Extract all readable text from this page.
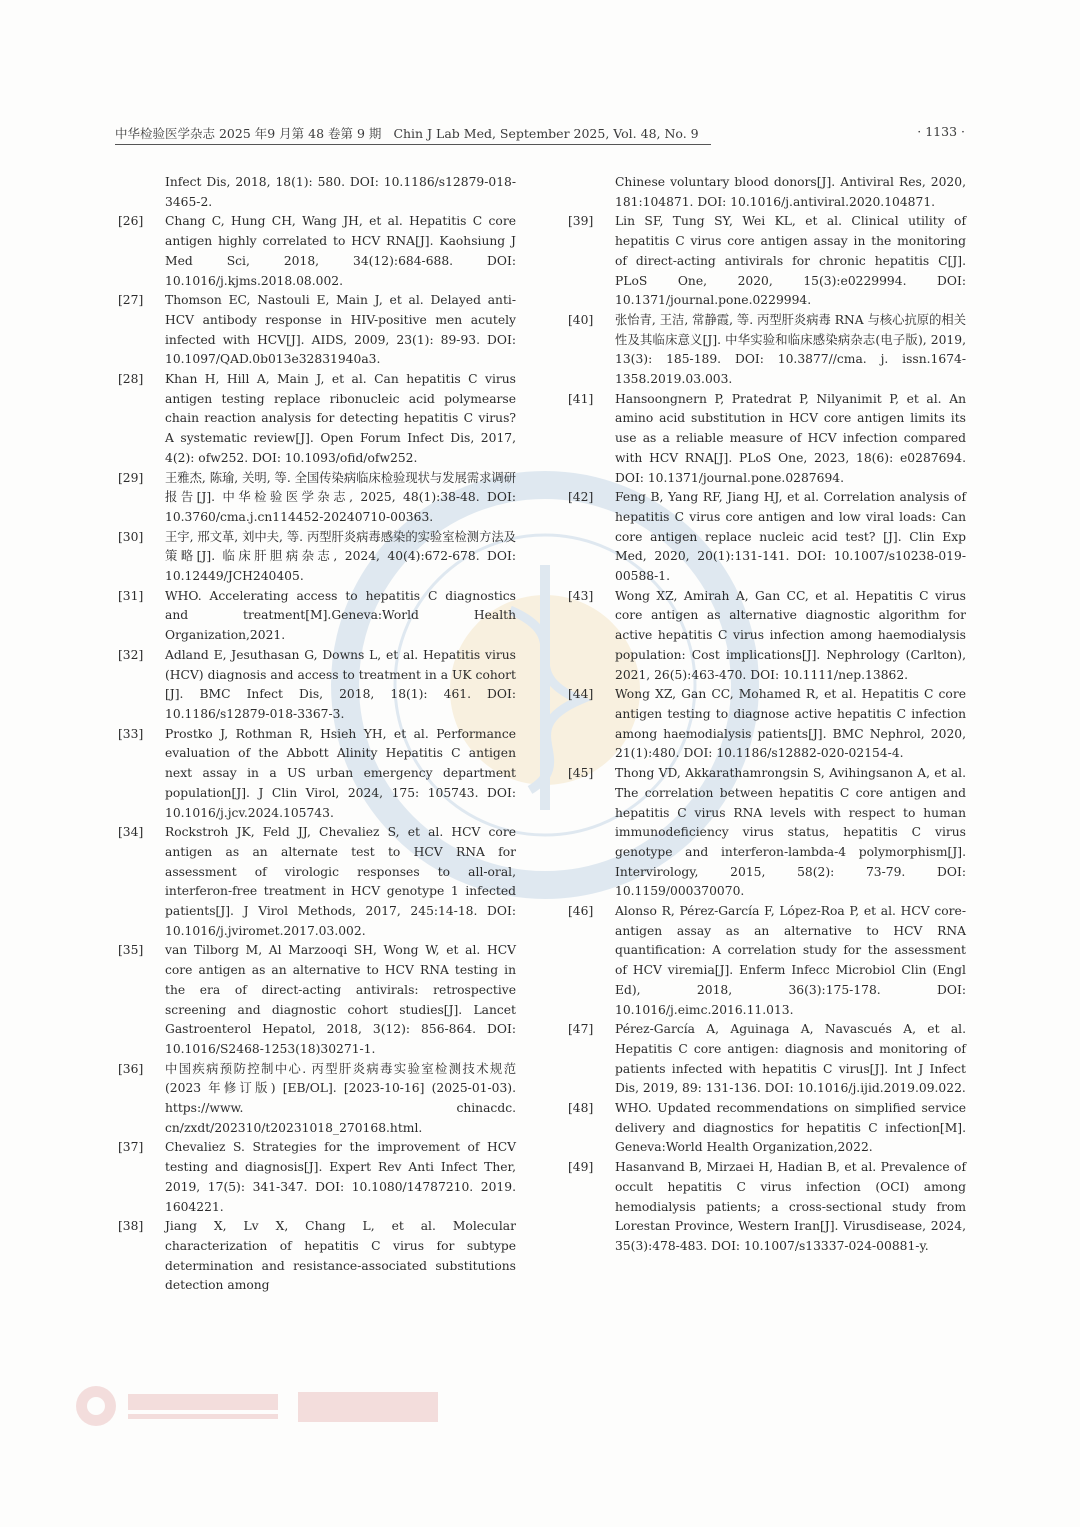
中华检验医学杂志 2025 年9 月第 48 卷第 9 期 Chin J Lab Med, September 2025, Vol. 48, No. 9	· 1133 ·
Infect Dis, 2018, 18(1): 580. DOI: 10.1186/s12879-018-3465-2.
[26]	Chang C, Hung CH, Wang JH, et al. Hepatitis C core antigen highly correlated to HCV RNA[J]. Kaohsiung J Med Sci, 2018, 34(12):684-688. DOI: 10.1016/j.kjms.2018.08.002.
[27]	Thomson EC, Nastouli E, Main J, et al. Delayed anti-HCV antibody response in HIV-positive men acutely infected with HCV[J]. AIDS, 2009, 23(1): 89-93. DOI: 10.1097/QAD.0b013e32831940a3.
[28]	Khan H, Hill A, Main J, et al. Can hepatitis C virus antigen testing replace ribonucleic acid polymearse chain reaction analysis for detecting hepatitis C virus? A systematic review[J]. Open Forum Infect Dis, 2017, 4(2): ofw252. DOI: 10.1093/ofid/ofw252.
[29]	王雅杰, 陈瑜, 关明, 等. 全国传染病临床检验现状与发展需求调研报告[J]. 中华检验医学杂志, 2025, 48(1):38-48. DOI: 10.3760/cma.j.cn114452-20240710-00363.
[30]	王宇, 邢文革, 刘中夫, 等. 丙型肝炎病毒感染的实验室检测方法及策略[J]. 临床肝胆病杂志, 2024, 40(4):672-678. DOI: 10.12449/JCH240405.
[31]	WHO. Accelerating access to hepatitis C diagnostics and treatment[M].Geneva:World Health Organization,2021.
[32]	Adland E, Jesuthasan G, Downs L, et al. Hepatitis virus (HCV) diagnosis and access to treatment in a UK cohort [J]. BMC Infect Dis, 2018, 18(1): 461. DOI: 10.1186/s12879-018-3367-3.
[33]	Prostko J, Rothman R, Hsieh YH, et al. Performance evaluation of the Abbott Alinity Hepatitis C antigen next assay in a US urban emergency department population[J]. J Clin Virol, 2024, 175: 105743. DOI: 10.1016/j.jcv.2024.105743.
[34]	Rockstroh JK, Feld JJ, Chevaliez S, et al. HCV core antigen as an alternate test to HCV RNA for assessment of virologic responses to all-oral, interferon-free treatment in HCV genotype 1 infected patients[J]. J Virol Methods, 2017, 245:14-18. DOI: 10.1016/j.jviromet.2017.03.002.
[35]	van Tilborg M, Al Marzooqi SH, Wong W, et al. HCV core antigen as an alternative to HCV RNA testing in the era of direct-acting antivirals: retrospective screening and diagnostic cohort studies[J]. Lancet Gastroenterol Hepatol, 2018, 3(12): 856-864. DOI: 10.1016/S2468-1253(18)30271-1.
[36]	中国疾病预防控制中心. 丙型肝炎病毒实验室检测技术规范(2023 年修订版) [EB/OL]. [2023-10-16] (2025-01-03). https://www. chinacdc. cn/zxdt/202310/t20231018_270168.html.
[37]	Chevaliez S. Strategies for the improvement of HCV testing and diagnosis[J]. Expert Rev Anti Infect Ther, 2019, 17(5): 341-347. DOI: 10.1080/14787210. 2019. 1604221.
[38]	Jiang X, Lv X, Chang L, et al. Molecular characterization of hepatitis C virus for subtype determination and resistance-associated substitutions detection among
Chinese voluntary blood donors[J]. Antiviral Res, 2020, 181:104871. DOI: 10.1016/j.antiviral.2020.104871.
[39]	Lin SF, Tung SY, Wei KL, et al. Clinical utility of hepatitis C virus core antigen assay in the monitoring of direct-acting antivirals for chronic hepatitis C[J]. PLoS One, 2020, 15(3):e0229994. DOI: 10.1371/journal.pone.0229994.
[40]	张怡青, 王洁, 常静霞, 等. 丙型肝炎病毒 RNA 与核心抗原的相关性及其临床意义[J]. 中华实验和临床感染病杂志(电子版), 2019, 13(3): 185-189. DOI: 10.3877//cma. j. issn.1674-1358.2019.03.003.
[41]	Hansoongnern P, Pratedrat P, Nilyanimit P, et al. An amino acid substitution in HCV core antigen limits its use as a reliable measure of HCV infection compared with HCV RNA[J]. PLoS One, 2023, 18(6): e0287694. DOI: 10.1371/journal.pone.0287694.
[42]	Feng B, Yang RF, Jiang HJ, et al. Correlation analysis of hepatitis C virus core antigen and low viral loads: Can core antigen replace nucleic acid test? [J]. Clin Exp Med, 2020, 20(1):131-141. DOI: 10.1007/s10238-019- 00588-1.
[43]	Wong XZ, Amirah A, Gan CC, et al. Hepatitis C virus core antigen as alternative diagnostic algorithm for active hepatitis C virus infection among haemodialysis population: Cost implications[J]. Nephrology (Carlton), 2021, 26(5):463-470. DOI: 10.1111/nep.13862.
[44]	Wong XZ, Gan CC, Mohamed R, et al. Hepatitis C core antigen testing to diagnose active hepatitis C infection among haemodialysis patients[J]. BMC Nephrol, 2020, 21(1):480. DOI: 10.1186/s12882-020-02154-4.
[45]	Thong VD, Akkarathamrongsin S, Avihingsanon A, et al. The correlation between hepatitis C core antigen and hepatitis C virus RNA levels with respect to human immunodeficiency virus status, hepatitis C virus genotype and interferon-lambda-4 polymorphism[J]. Intervirology, 2015, 58(2): 73-79. DOI: 10.1159/000370070.
[46]	Alonso R, Pérez-García F, López-Roa P, et al. HCV core-antigen assay as an alternative to HCV RNA quantification: A correlation study for the assessment of HCV viremia[J]. Enferm Infecc Microbiol Clin (Engl Ed), 2018, 36(3):175-178. DOI: 10.1016/j.eimc.2016.11.013.
[47]	Pérez-García A, Aguinaga A, Navascués A, et al. Hepatitis C core antigen: diagnosis and monitoring of patients infected with hepatitis C virus[J]. Int J Infect Dis, 2019, 89: 131-136. DOI: 10.1016/j.ijid.2019.09.022.
[48]	WHO. Updated recommendations on simplified service delivery and diagnostics for hepatitis C infection[M]. Geneva:World Health Organization,2022.
[49]	Hasanvand B, Mirzaei H, Hadian B, et al. Prevalence of occult hepatitis C virus infection (OCI) among hemodialysis patients; a cross-sectional study from Lorestan Province, Western Iran[J]. Virusdisease, 2024, 35(3):478-483. DOI: 10.1007/s13337-024-00881-y.
